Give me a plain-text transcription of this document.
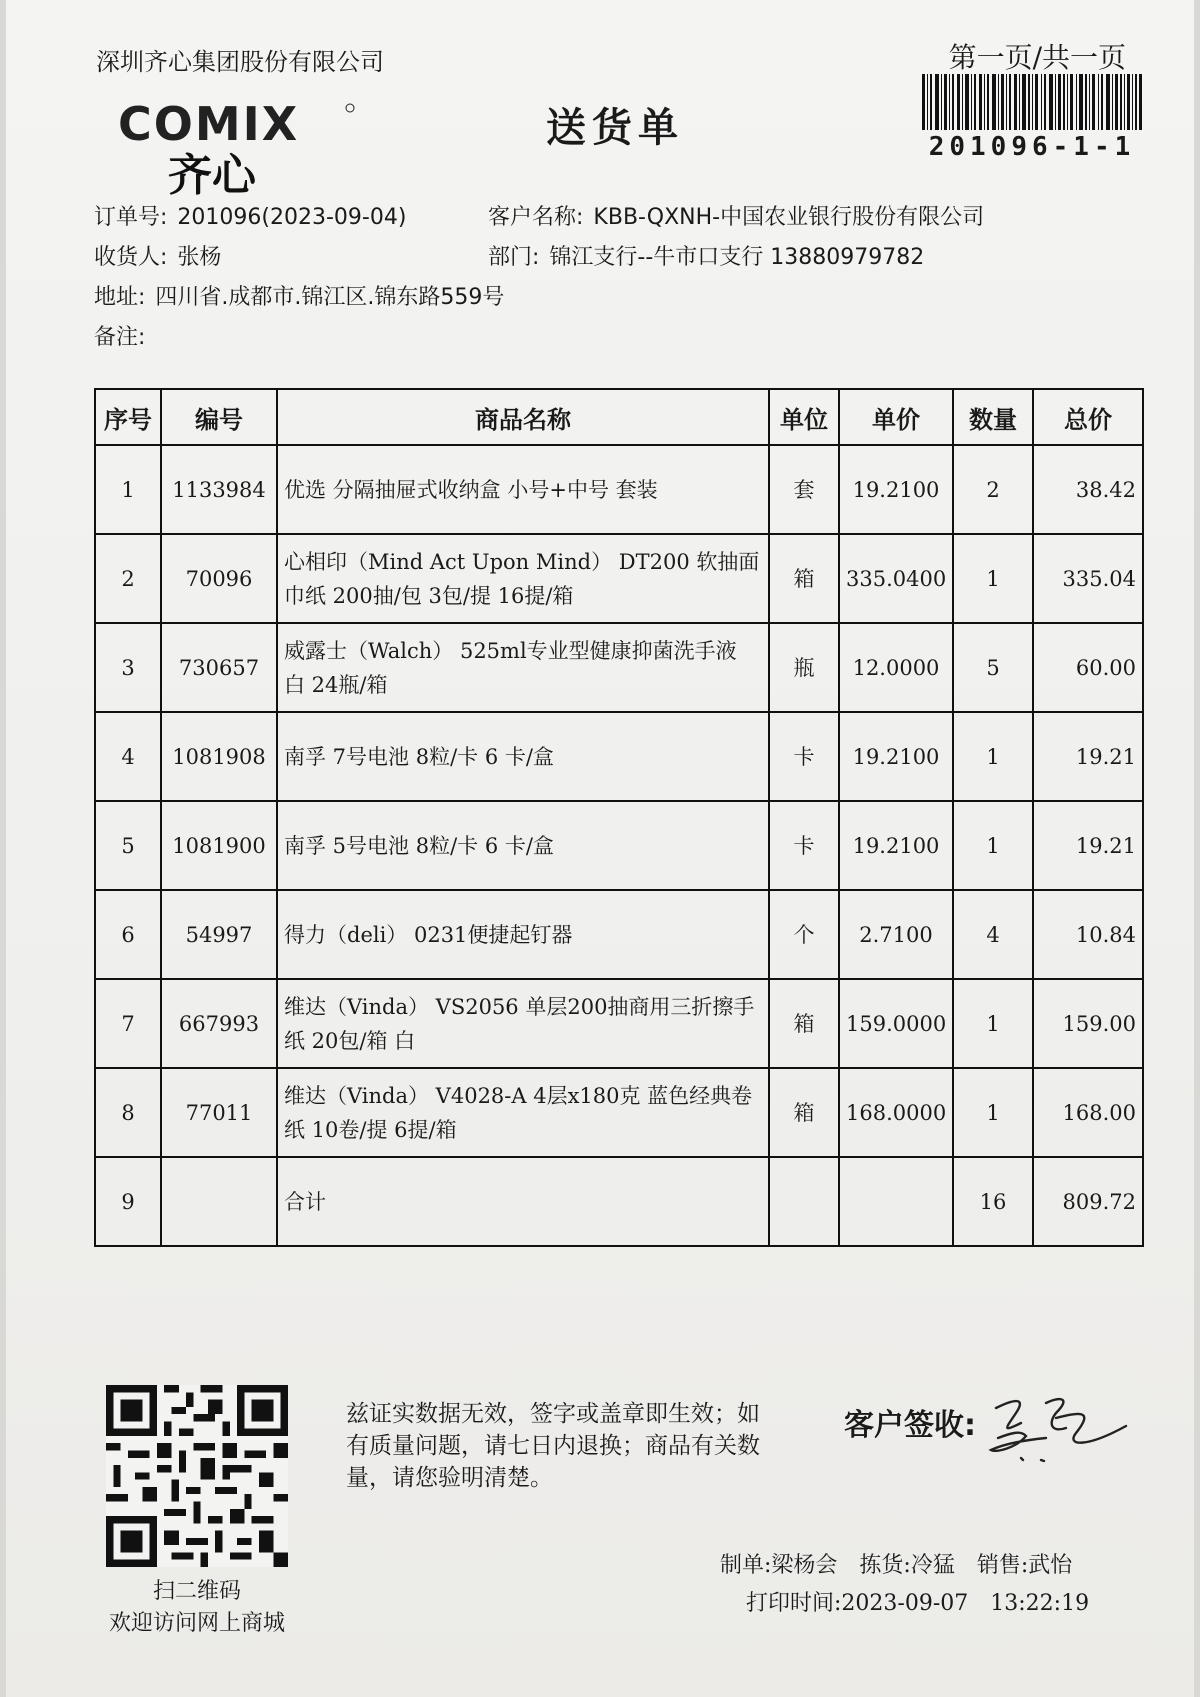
深圳齐心集团股份有限公司	第一页/共一页
201096-1-1
COMIX
齐心
送货单
订单号: 201096(2023-09-04)	客户名称: KBB-QXNH-中国农业银行股份有限公司
收货人: 张杨	部门: 锦江支行--牛市口支行 13880979782
地址: 四川省.成都市.锦江区.锦东路559号
备注:
序号	编号	商品名称	单位	单价	数量	总价
1	1133984	优选 分隔抽屉式收纳盒 小号+中号 套装	套	19.2100	2	38.42
2	70096	心相印（Mind Act Upon Mind） DT200 软抽面巾纸 200抽/包 3包/提 16提/箱	箱	335.0400	1	335.04
3	730657	威露士（Walch） 525ml专业型健康抑菌洗手液 白 24瓶/箱	瓶	12.0000	5	60.00
4	1081908	南孚 7号电池 8粒/卡 6 卡/盒	卡	19.2100	1	19.21
5	1081900	南孚 5号电池 8粒/卡 6 卡/盒	卡	19.2100	1	19.21
6	54997	得力（deli） 0231便捷起钉器	个	2.7100	4	10.84
7	667993	维达（Vinda） VS2056 单层200抽商用三折擦手纸 20包/箱 白	箱	159.0000	1	159.00
8	77011	维达（Vinda） V4028-A 4层x180克 蓝色经典卷纸 10卷/提 6提/箱	箱	168.0000	1	168.00
9		合计			16	809.72
扫二维码
欢迎访问网上商城
兹证实数据无效，签字或盖章即生效；如有质量问题，请七日内退换；商品有关数量，请您验明清楚。
客户签收:
制单:梁杨会 拣货:冷猛 销售:武怡
打印时间:2023-09-07　13:22:19
